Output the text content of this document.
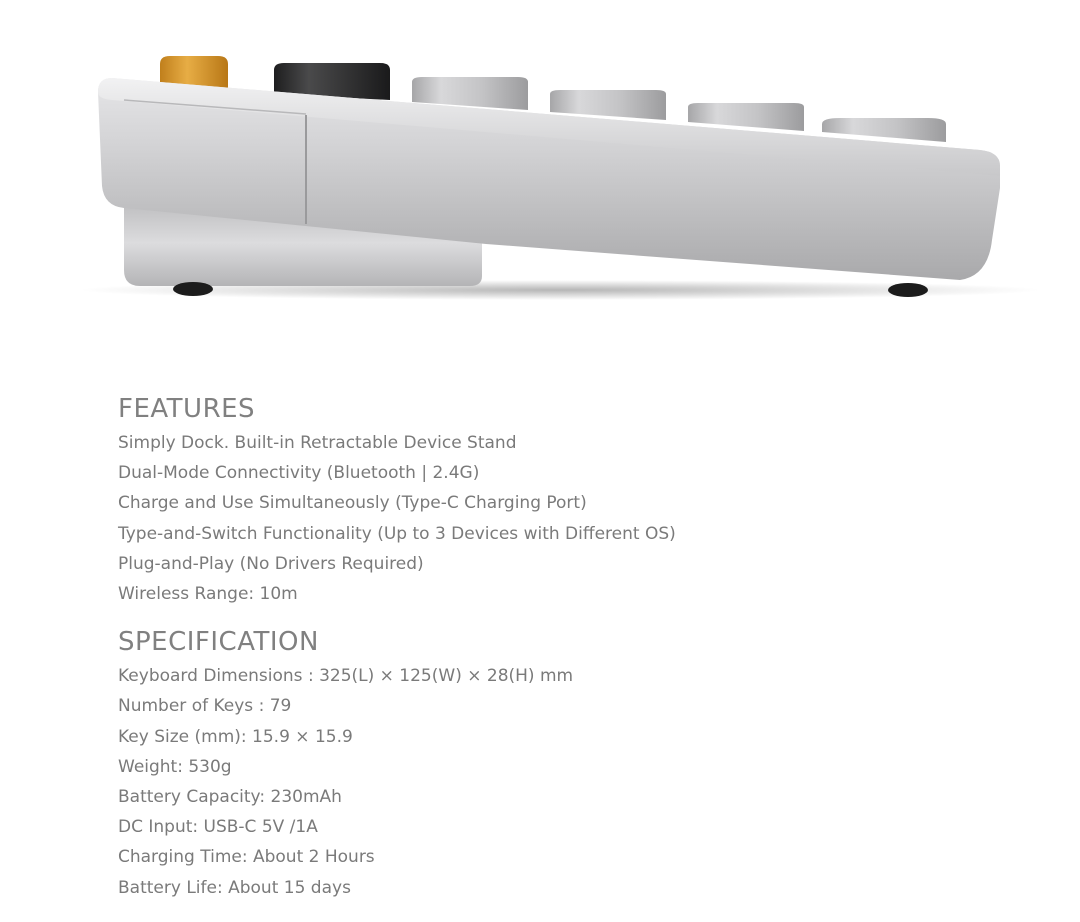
FEATURES
Simply Dock. Built-in Retractable Device Stand
Dual-Mode Connectivity (Bluetooth | 2.4G)
Charge and Use Simultaneously (Type-C Charging Port)
Type-and-Switch Functionality (Up to 3 Devices with Different OS)
Plug-and-Play (No Drivers Required)
Wireless Range: 10m
SPECIFICATION
Keyboard Dimensions : 325(L) × 125(W) × 28(H) mm
Number of Keys : 79
Key Size (mm): 15.9 × 15.9
Weight: 530g
Battery Capacity: 230mAh
DC Input: USB-C 5V /1A
Charging Time: About 2 Hours
Battery Life: About 15 days
